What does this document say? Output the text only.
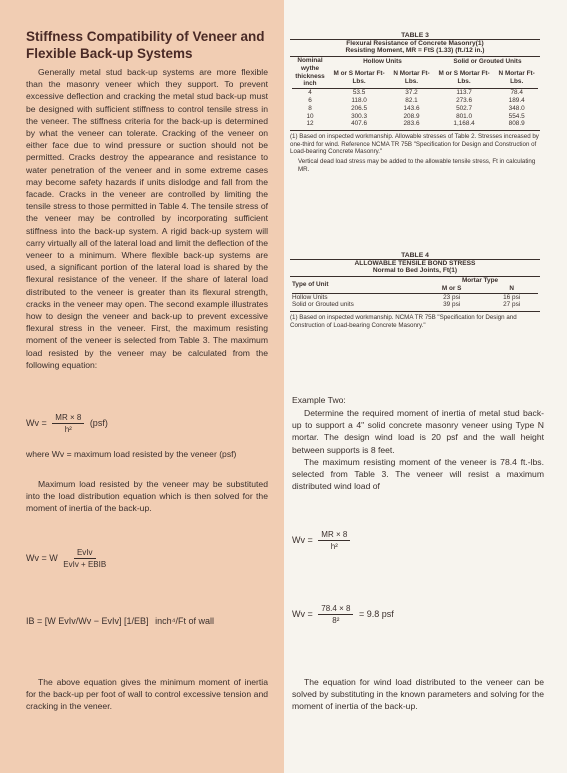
Stiffness Compatibility of Veneer and Flexible Back-up Systems
Generally metal stud back-up systems are more flexible than the masonry veneer which they support. To prevent excessive deflection and cracking the metal stud back-up must be designed with sufficient stiffness to control tensile stress in the veneer. The stiffness criteria for the back-up is determined by what the veneer can tolerate. Cracking of the veneer on either face due to wind pressure or suction should not be permitted. Cracks destroy the appearance and resistance to water penetration of the veneer and in some extreme cases may become safety hazards if units dislodge and fall from the facade. Cracks in the veneer are controlled by limiting the tensile stress to those permitted in Table 4. The tensile stress of the veneer may be controlled by incorporating sufficient stiffness into the back-up system. A rigid back-up system will carry virtually all of the lateral load and limit the deflection of the veneer to a minimum. Where flexible back-up systems are used, a significant portion of the lateral load is shared by the flexural resistance of the veneer. If the share of lateral load distributed to the veneer is greater than its flexural strength, cracks in the veneer may open. The second example illustrates how to design the veneer and back-up to prevent excessive flexural stress in the veneer. First, the maximum resisting moment of the veneer is selected from Table 3. The maximum load resisted by the veneer may be calculated from the following equation:
$Wv = \frac{MR \times 8}{\text{h²}} (psf)$
where Wv = maximum load resisted by the veneer (psf)
Maximum load resisted by the veneer may be substituted into the load distribution equation which is then solved for the moment of inertia of the back-up.
Wv = W $\frac{\text{EvIv}}{\text{EvIv + EBIB}}$
IB = [W EvIv/Wv − EvIv] [1/EB] inch⁴/Ft of wall
The above equation gives the minimum moment of inertia for the back-up per foot of wall to control excessive tension and cracking in the veneer.
TABLE 3
Flexural Resistance of Concrete Masonry(1)
Resisting Moment, MR = FtS (1.33) (ft./12 in.)
Nominal wythe thickness inch	Hollow Units		Solid or Grouted Units	
	M or S Mortar Ft-Lbs.	N Mortar Ft-Lbs.	M or S Mortar Ft-Lbs.	N Mortar Ft-Lbs.

4	53.5	37.2	113.7	78.4
6	118.0	82.1	273.6	189.4
8	206.5	143.6	502.7	348.0
10	300.3	208.9	801.0	554.5
12	407.6	283.6	1,168.4	808.9
(1) Based on inspected workmanship. Allowable stresses of Table 2. Stresses increased by one-third for wind. Reference NCMA TR 75B "Specification for Design and Construction of Load-bearing Concrete Masonry."
Vertical dead load stress may be added to the allowable tensile stress, Ft in calculating MR.
TABLE 4
ALLOWABLE TENSILE BOND STRESS
Normal to Bed Joints, Ft(1)
Type of Unit	Mortar Type	
	M or S	N

Hollow Units	23 psi	16 psi
Solid or Grouted units	39 psi	27 psi
(1) Based on inspected workmanship. NCMA TR 75B "Specification for Design and Construction of Load-bearing Concrete Masonry."
Example Two:
Determine the required moment of inertia of metal stud back-up to support a 4" solid concrete masonry veneer using Type N mortar. The design wind load is 20 psf and the wall height between supports is 8 feet.
The maximum resisting moment of the veneer is 78.4 ft.-lbs. selected from Table 3. The veneer will resist a maximum distributed wind load of
$Wv = \frac{MR \times 8}{\text{h²}}$
$Wv = \frac{78.4 \times 8}{\text{8²}} = 9.8$ psf
The equation for wind load distributed to the veneer can be solved by substituting in the known parameters and solving for the moment of inertia of the back-up.
